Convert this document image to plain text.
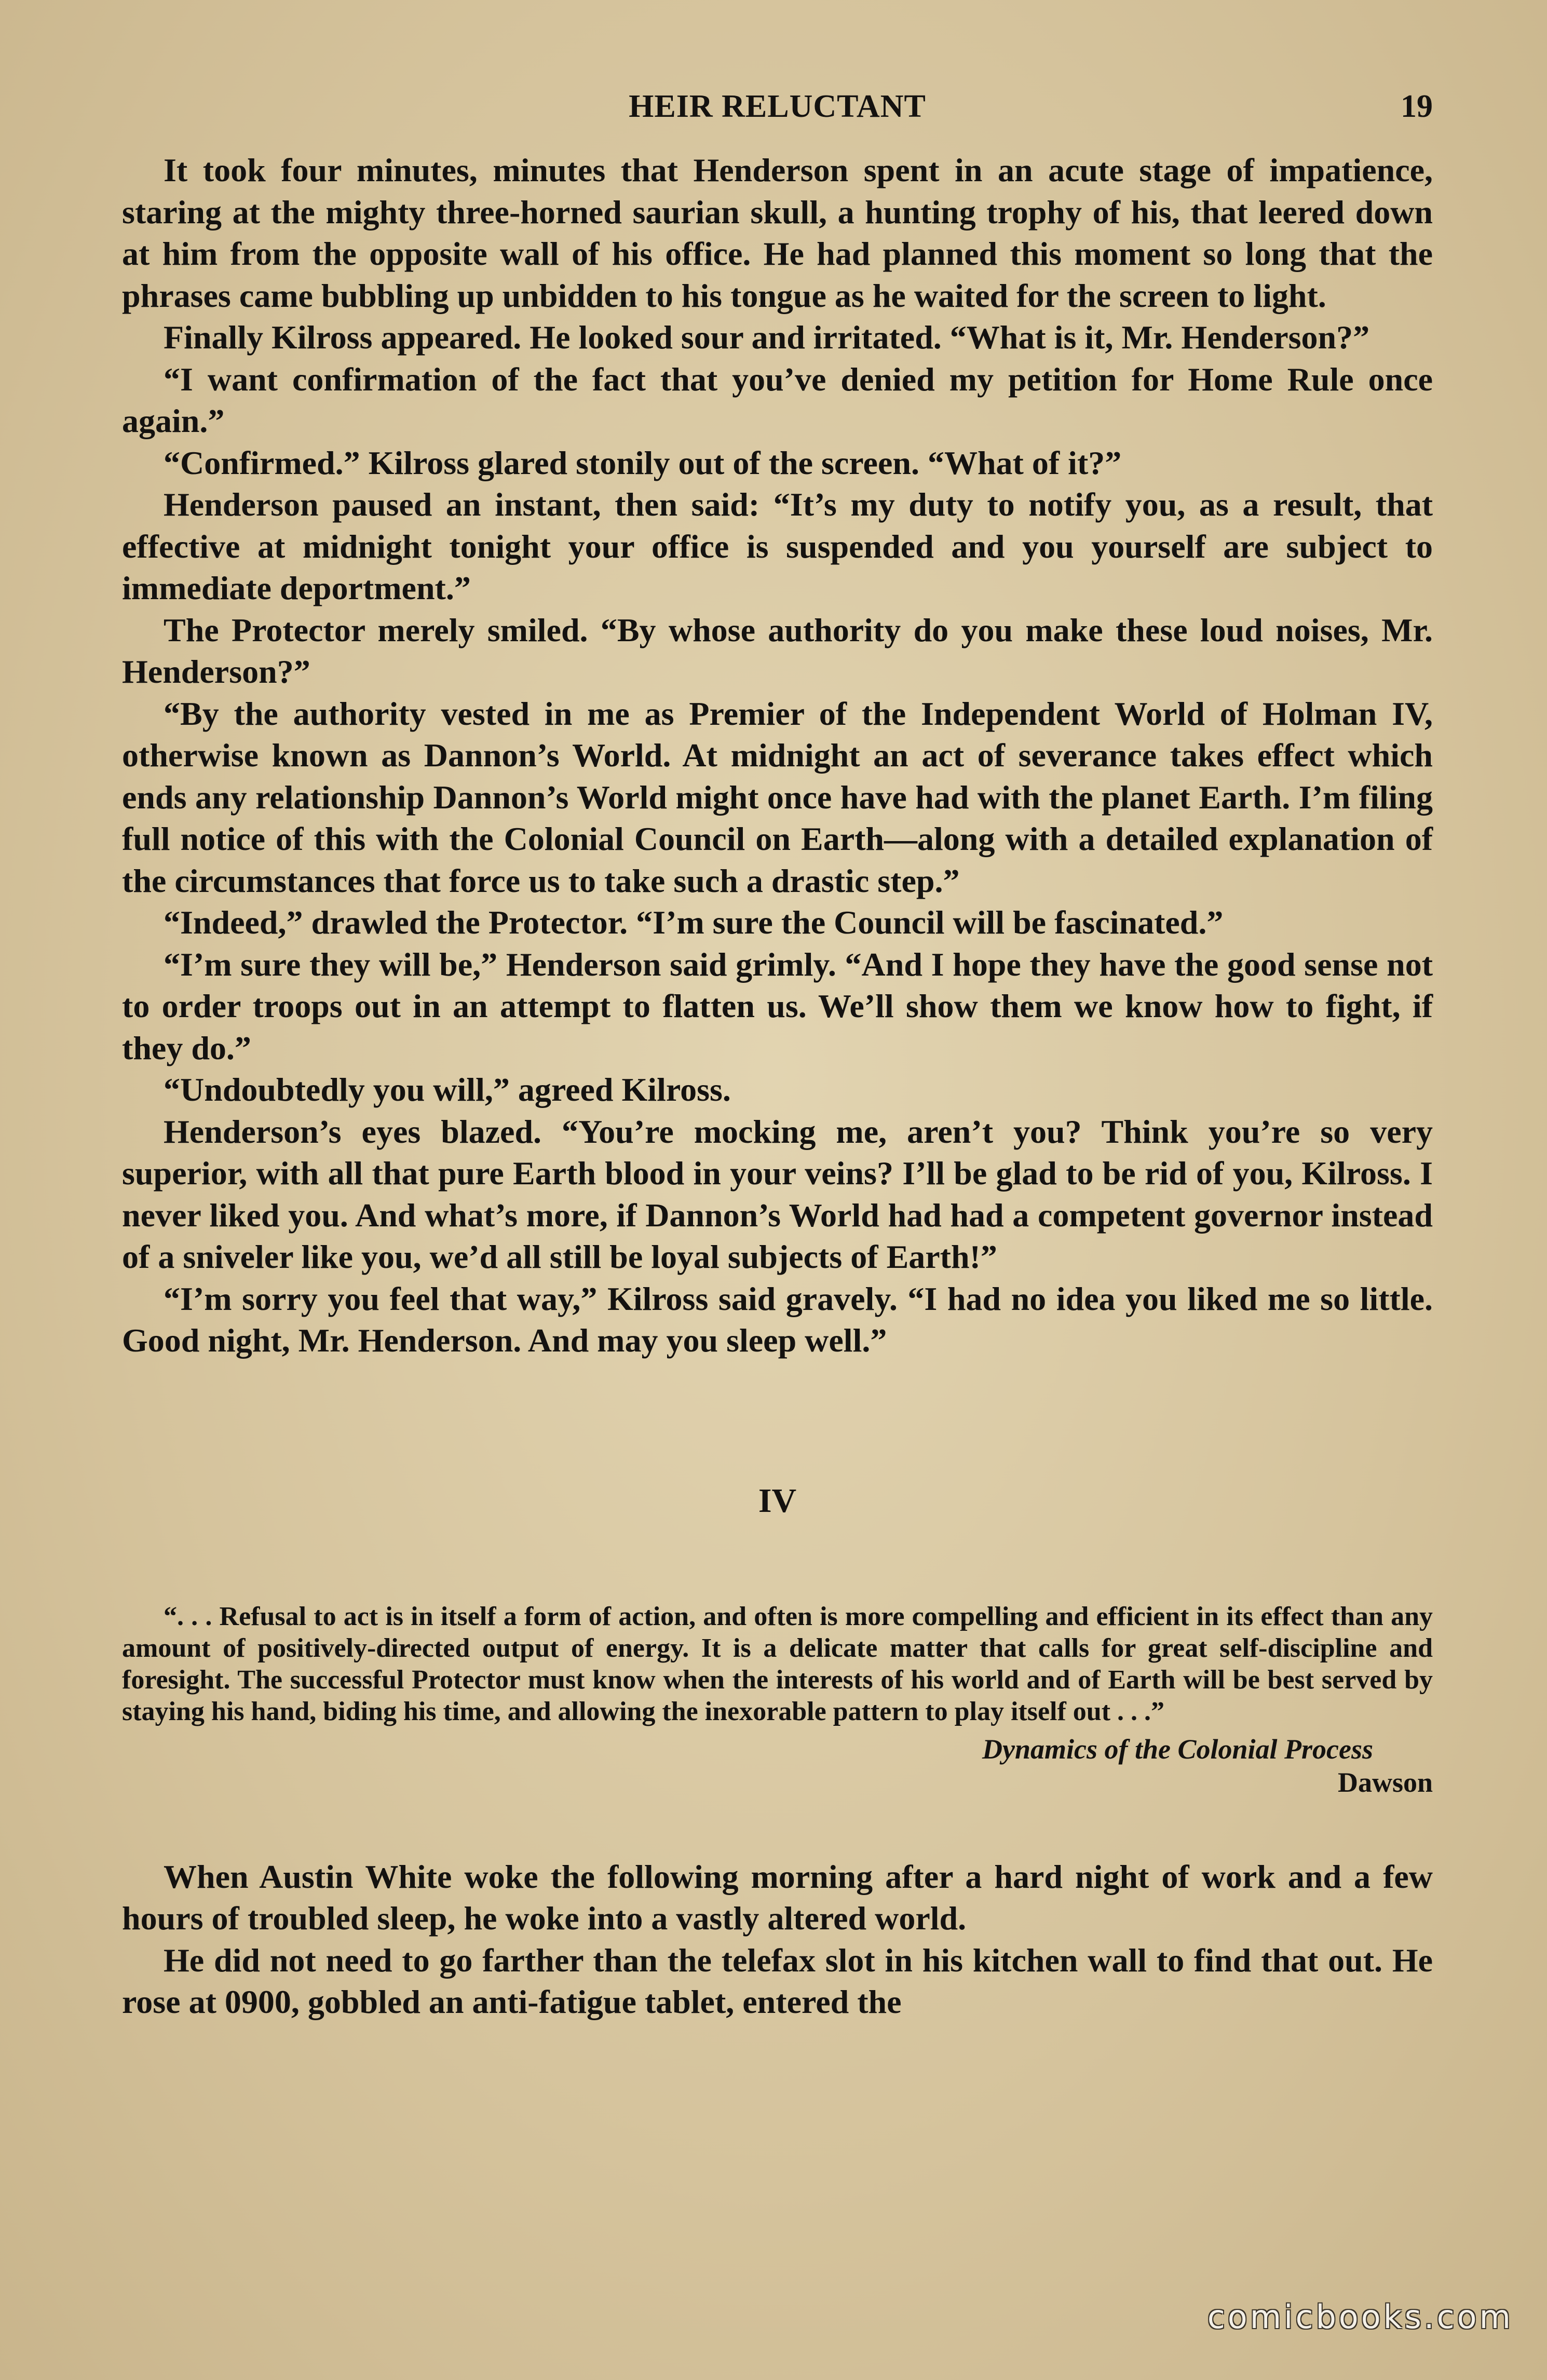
HEIR RELUCTANT	19

It took four minutes, minutes that Henderson spent in an acute stage of impatience, staring at the mighty three-horned saurian skull, a hunting trophy of his, that leered down at him from the opposite wall of his office. He had planned this moment so long that the phrases came bubbling up unbidden to his tongue as he waited for the screen to light.

Finally Kilross appeared. He looked sour and irritated. “What is it, Mr. Henderson?”

“I want confirmation of the fact that you’ve denied my petition for Home Rule once again.”

“Confirmed.” Kilross glared stonily out of the screen. “What of it?”

Henderson paused an instant, then said: “It’s my duty to notify you, as a result, that effective at midnight tonight your office is suspended and you yourself are subject to immediate deportment.”

The Protector merely smiled. “By whose authority do you make these loud noises, Mr. Henderson?”

“By the authority vested in me as Premier of the Independent World of Holman IV, otherwise known as Dannon’s World. At midnight an act of severance takes effect which ends any relationship Dannon’s World might once have had with the planet Earth. I’m filing full notice of this with the Colonial Council on Earth—along with a detailed explanation of the circumstances that force us to take such a drastic step.”

“Indeed,” drawled the Protector. “I’m sure the Council will be fascinated.”

“I’m sure they will be,” Henderson said grimly. “And I hope they have the good sense not to order troops out in an attempt to flatten us. We’ll show them we know how to fight, if they do.”

“Undoubtedly you will,” agreed Kilross.

Henderson’s eyes blazed. “You’re mocking me, aren’t you? Think you’re so very superior, with all that pure Earth blood in your veins? I’ll be glad to be rid of you, Kilross. I never liked you. And what’s more, if Dannon’s World had had a competent governor instead of a sniveler like you, we’d all still be loyal subjects of Earth!”

“I’m sorry you feel that way,” Kilross said gravely. “I had no idea you liked me so little. Good night, Mr. Henderson. And may you sleep well.”

IV
“. . . Refusal to act is in itself a form of action, and often is more compelling and efficient in its effect than any amount of positively-directed output of energy. It is a delicate matter that calls for great self-discipline and foresight. The successful Protector must know when the interests of his world and of Earth will be best served by staying his hand, biding his time, and allowing the inexorable pattern to play itself out . . .”
Dynamics of the Colonial Process
Dawson

When Austin White woke the following morning after a hard night of work and a few hours of troubled sleep, he woke into a vastly altered world.

He did not need to go farther than the telefax slot in his kitchen wall to find that out. He rose at 0900, gobbled an anti-fatigue tablet, entered the

comicbooks.com
